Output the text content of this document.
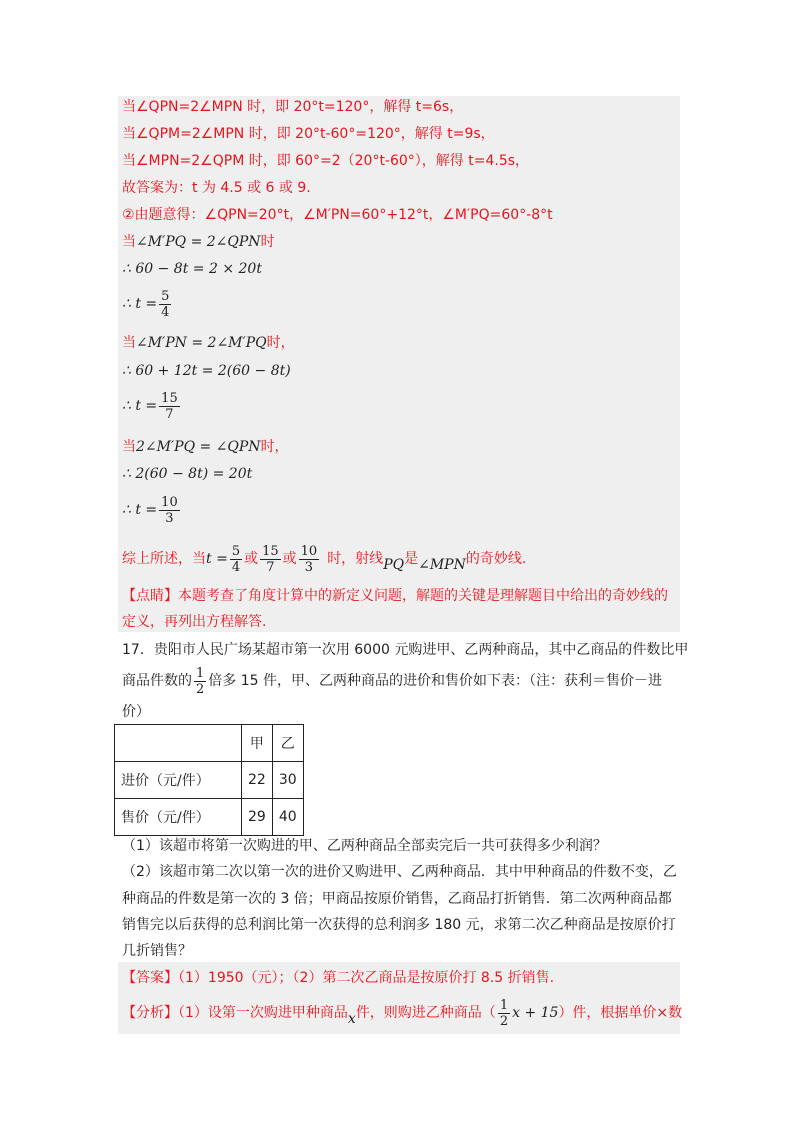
当∠QPN=2∠MPN 时，即 20°t=120°，解得 t=6s，
当∠QPM=2∠MPN 时，即 20°t-60°=120°，解得 t=9s，
当∠MPN=2∠QPM 时，即 60°=2（20°t-60°），解得 t=4.5s，
故答案为：t 为 4.5 或 6 或 9.
②由题意得：∠QPN=20°t，∠M′PN=60°+12°t，∠M′PQ=60°-8°t
当∠M′PQ = 2∠QPN时
∴ 60 − 8t = 2 × 20t
∴ $t = \frac{5}{4}$
当∠M′PN = 2∠M′PQ时，
∴ 60 + 12t = 2(60 − 8t)
∴ $t = \frac{15}{7}$
当2∠M′PQ = ∠QPN时，
∴ 2(60 − 8t) = 20t
∴ $t = \frac{10}{3}$
综上所述，当$t = \frac{5}{4}$ 或 $\frac{15}{7}$ 或 $\frac{10}{3}$ 时，射线PQ是∠MPN的奇妙线.
【点睛】本题考查了角度计算中的新定义问题，解题的关键是理解题目中给出的奇妙线的
定义，再列出方程解答.
17．贵阳市人民广场某超市第一次用 6000 元购进甲、乙两种商品，其中乙商品的件数比甲
商品件数的 $\frac{1}{2}$ 倍多 15 件，甲、乙两种商品的进价和售价如下表：（注：获利＝售价－进
价）
	甲	乙
进价（元/件）	22	30
售价（元/件）	29	40
（1）该超市将第一次购进的甲、乙两种商品全部卖完后一共可获得多少利润？
（2）该超市第二次以第一次的进价又购进甲、乙两种商品．其中甲种商品的件数不变，乙
种商品的件数是第一次的 3 倍；甲商品按原价销售，乙商品打折销售．第二次两种商品都
销售完以后获得的总利润比第一次获得的总利润多 180 元，求第二次乙种商品是按原价打
几折销售？
【答案】（1）1950（元）；（2）第二次乙商品是按原价打 8.5 折销售.
【分析】（1）设第一次购进甲种商品x件，则购进乙种商品（ $\frac{1}{2}$ x + 15）件，根据单价×数
